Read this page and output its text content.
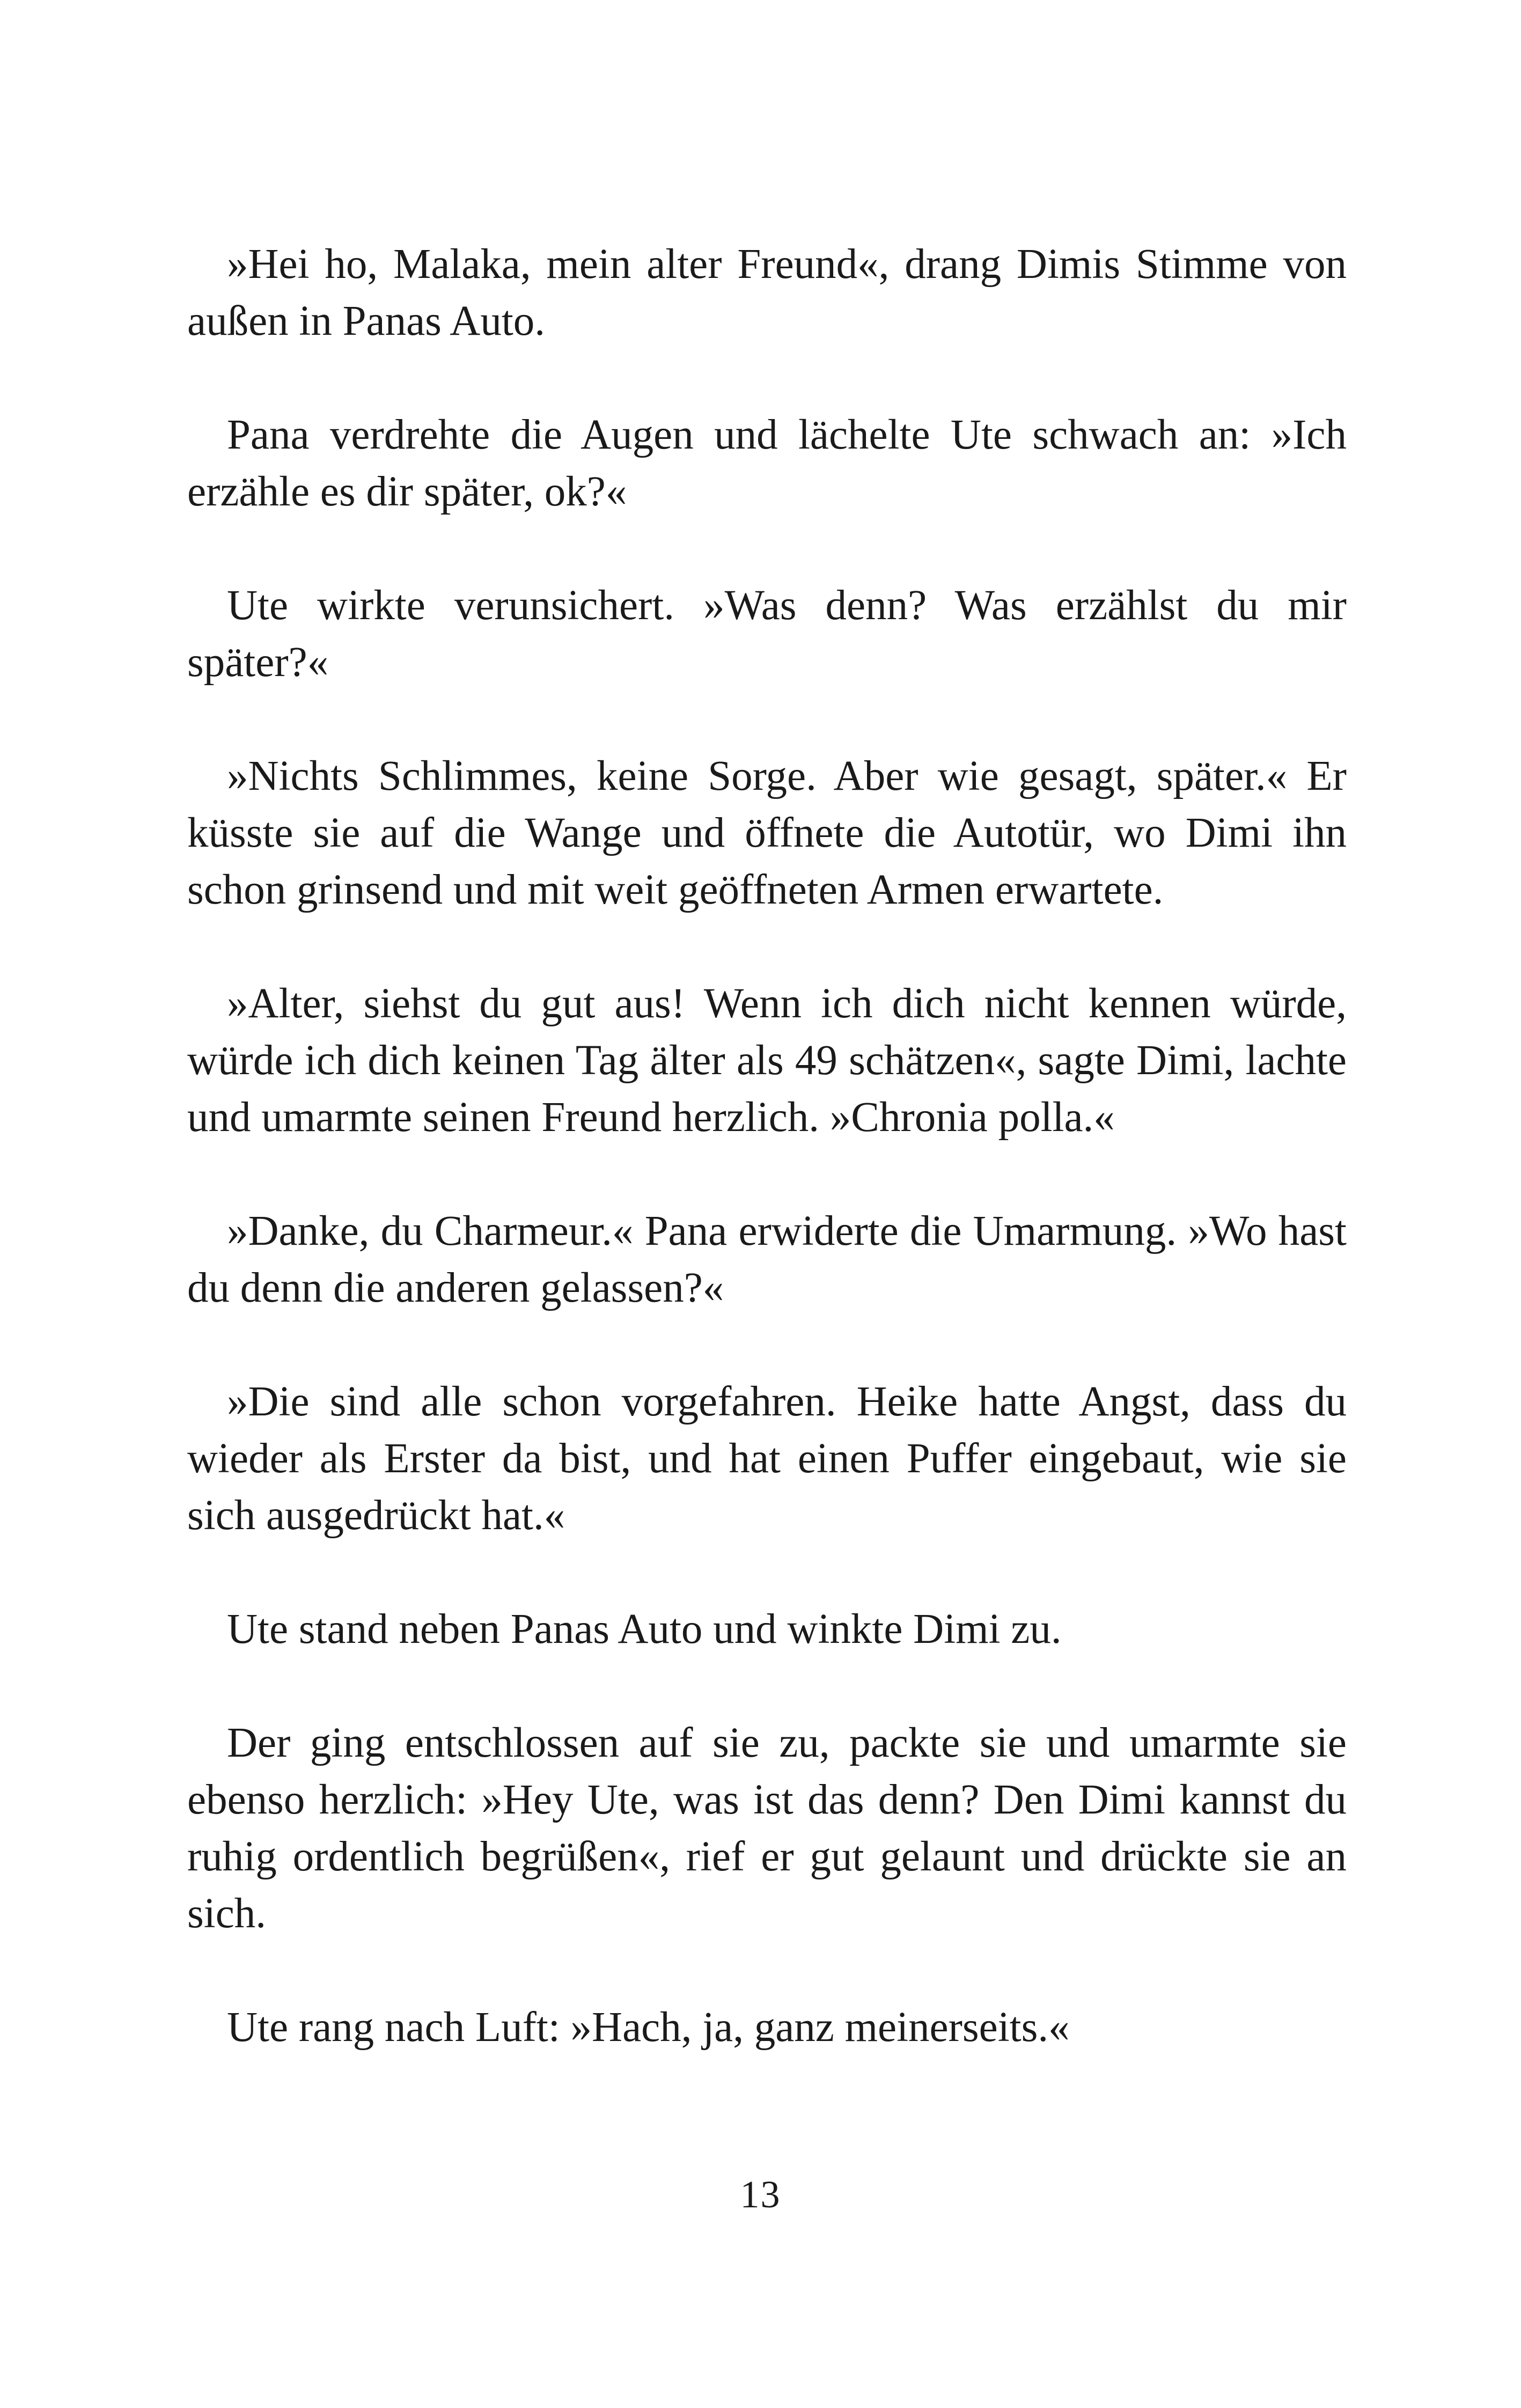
»Hei ho, Malaka, mein alter Freund«, drang Dimis Stimme von außen in Panas Auto.

Pana verdrehte die Augen und lächelte Ute schwach an: »Ich erzähle es dir später, ok?«

Ute wirkte verunsichert. »Was denn? Was erzählst du mir später?«

»Nichts Schlimmes, keine Sorge. Aber wie gesagt, später.« Er küsste sie auf die Wange und öffnete die Autotür, wo Dimi ihn schon grinsend und mit weit geöffneten Armen erwartete.

»Alter, siehst du gut aus! Wenn ich dich nicht kennen würde, würde ich dich keinen Tag älter als 49 schätzen«, sagte Dimi, lachte und umarmte seinen Freund herzlich. »Chronia polla.«

»Danke, du Charmeur.« Pana erwiderte die Umarmung. »Wo hast du denn die anderen gelassen?«

»Die sind alle schon vorgefahren. Heike hatte Angst, dass du wieder als Erster da bist, und hat einen Puffer eingebaut, wie sie sich ausgedrückt hat.«

Ute stand neben Panas Auto und winkte Dimi zu.

Der ging entschlossen auf sie zu, packte sie und umarmte sie ebenso herzlich: »Hey Ute, was ist das denn? Den Dimi kannst du ruhig ordentlich begrüßen«, rief er gut gelaunt und drückte sie an sich.

Ute rang nach Luft: »Hach, ja, ganz meinerseits.«

13
